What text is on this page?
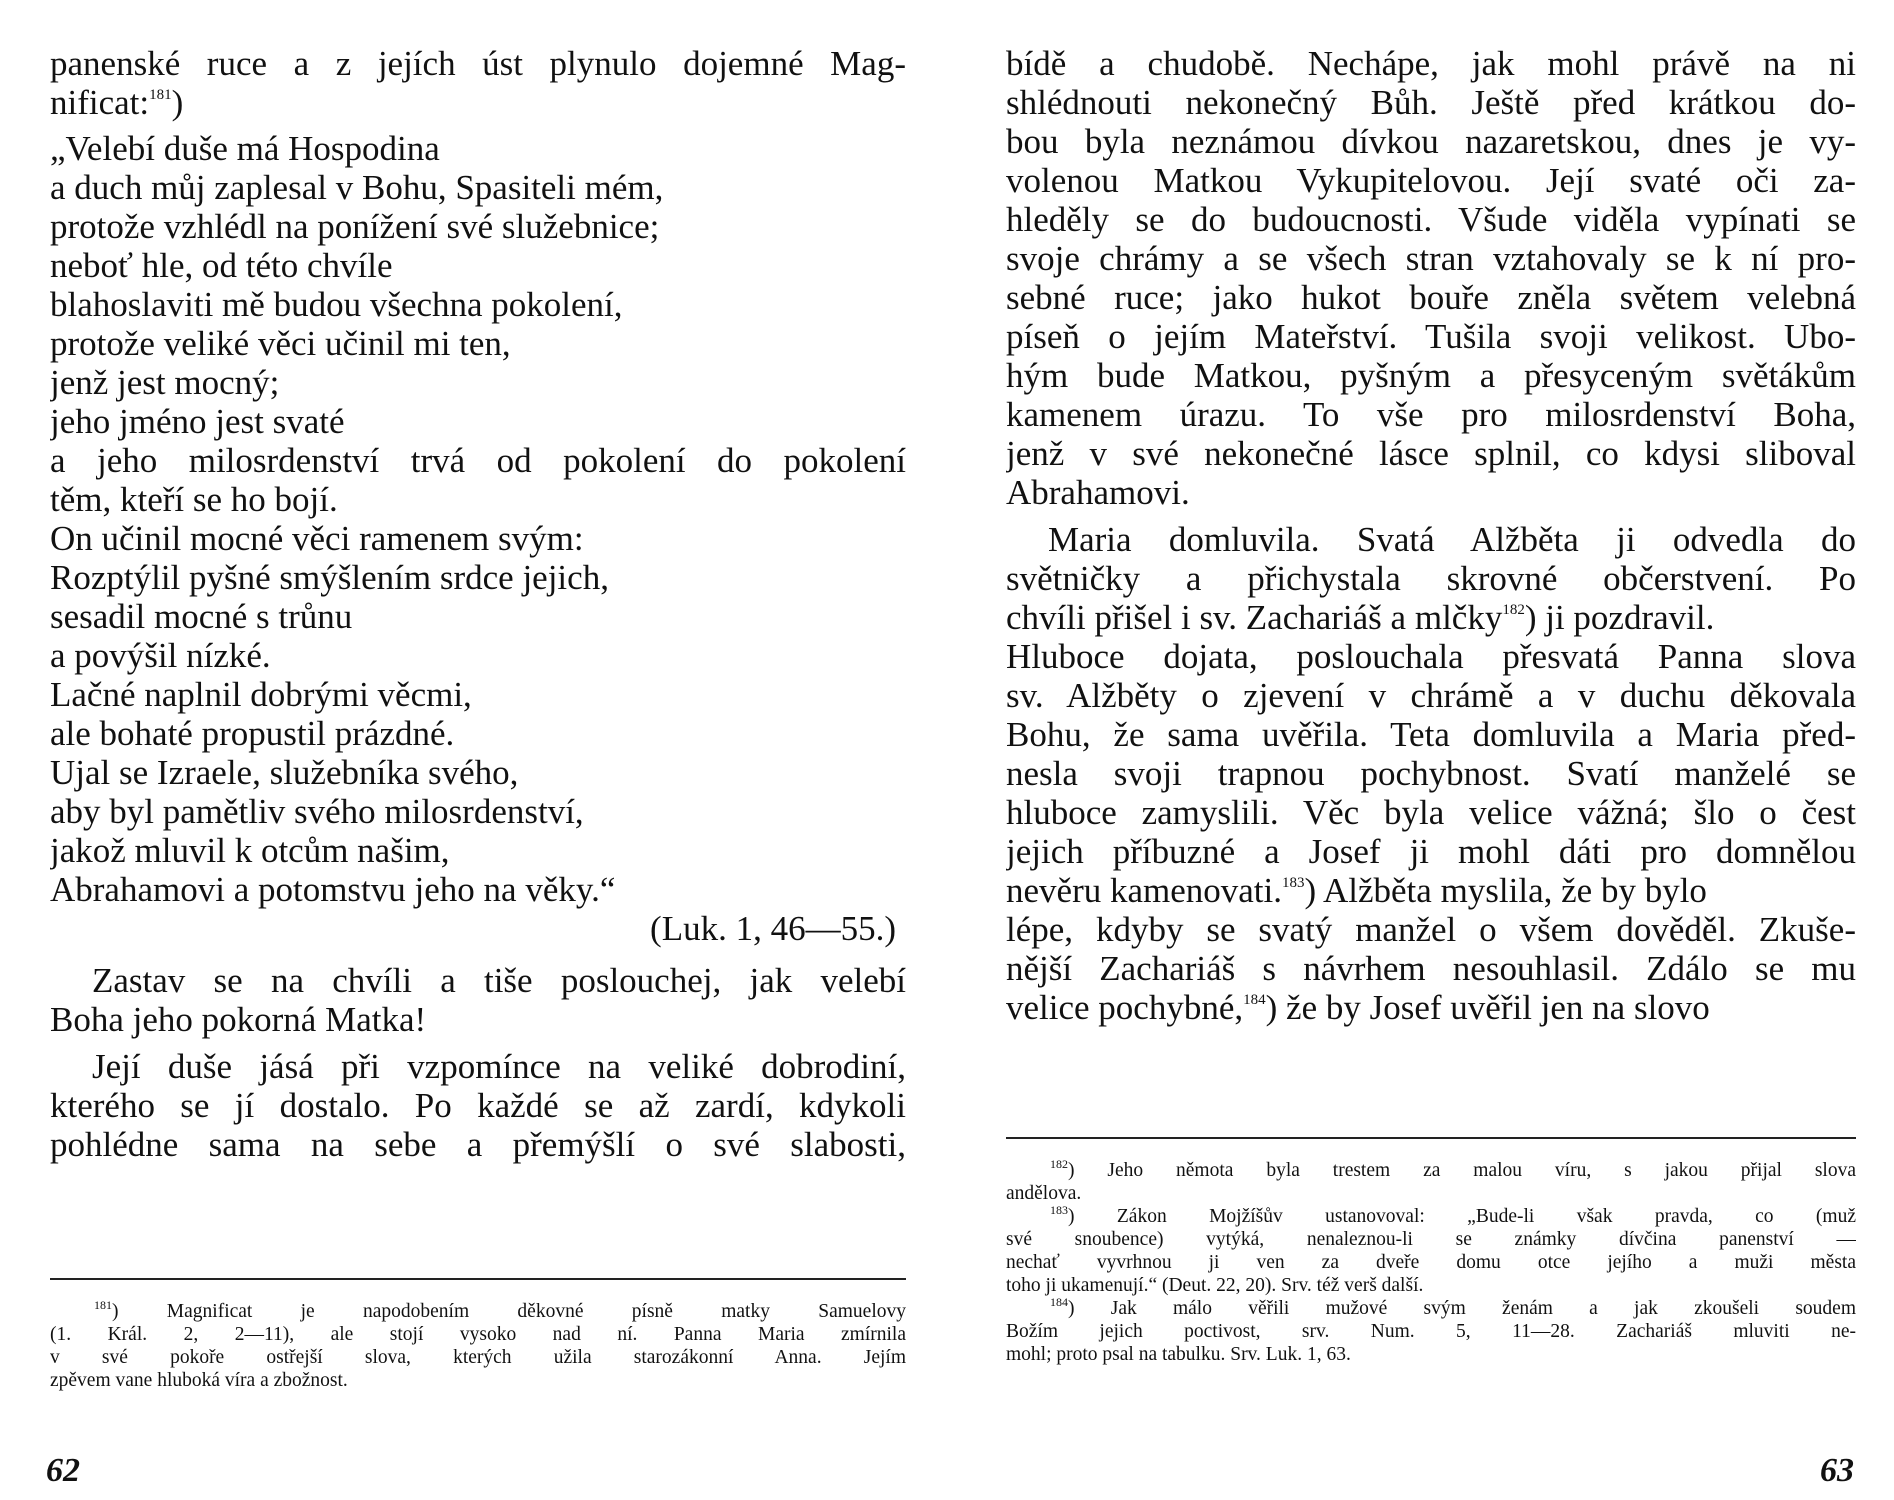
panenské ruce a z jejích úst plynulo dojemné Mag-
nificat:$^{181}$)
„Velebí duše má Hospodina
a duch můj zaplesal v Bohu, Spasiteli mém,
protože vzhlédl na ponížení své služebnice;
neboť hle, od této chvíle
blahoslaviti mě budou všechna pokolení,
protože veliké věci učinil mi ten,
jenž jest mocný;
jeho jméno jest svaté
a jeho milosrdenství trvá od pokolení do pokolení
těm, kteří se ho bojí.
On učinil mocné věci ramenem svým:
Rozptýlil pyšné smýšlením srdce jejich,
sesadil mocné s trůnu
a povýšil nízké.
Lačné naplnil dobrými věcmi,
ale bohaté propustil prázdné.
Ujal se Izraele, služebníka svého,
aby byl pamětliv svého milosrdenství,
jakož mluvil k otcům našim,
Abrahamovi a potomstvu jeho na věky.“
(Luk. 1, 46—55.)
Zastav se na chvíli a tiše poslouchej, jak velebí
Boha jeho pokorná Matka!
Její duše jásá při vzpomínce na veliké dobrodiní,
kterého se jí dostalo. Po každé se až zardí, kdykoli
pohlédne sama na sebe a přemýšlí o své slabosti,
$^{181}$) Magnificat je napodobením děkovné písně matky Samuelovy
(1. Král. 2, 2—11), ale stojí vysoko nad ní. Panna Maria zmírnila
v své pokoře ostřejší slova, kterých užila starozákonní Anna. Jejím
zpěvem vane hluboká víra a zbožnost.
62
bídě a chudobě. Nechápe, jak mohl právě na ni
shlédnouti nekonečný Bůh. Ještě před krátkou do-
bou byla neznámou dívkou nazaretskou, dnes je vy-
volenou Matkou Vykupitelovou. Její svaté oči za-
hleděly se do budoucnosti. Všude viděla vypínati se
svoje chrámy a se všech stran vztahovaly se k ní pro-
sebné ruce; jako hukot bouře zněla světem velebná
píseň o jejím Mateřství. Tušila svoji velikost. Ubo-
hým bude Matkou, pyšným a přesyceným světákům
kamenem úrazu. To vše pro milosrdenství Boha,
jenž v své nekonečné lásce splnil, co kdysi sliboval
Abrahamovi.
Maria domluvila. Svatá Alžběta ji odvedla do
světničky a přichystala skrovné občerstvení. Po
chvíli přišel i sv. Zachariáš a mlčky$^{182}$) ji pozdravil.
Hluboce dojata, poslouchala přesvatá Panna slova
sv. Alžběty o zjevení v chrámě a v duchu děkovala
Bohu, že sama uvěřila. Teta domluvila a Maria před-
nesla svoji trapnou pochybnost. Svatí manželé se
hluboce zamyslili. Věc byla velice vážná; šlo o čest
jejich příbuzné a Josef ji mohl dáti pro domnělou
nevěru kamenovati.$^{183}$) Alžběta myslila, že by bylo
lépe, kdyby se svatý manžel o všem dověděl. Zkuše-
nější Zachariáš s návrhem nesouhlasil. Zdálo se mu
velice pochybné,$^{184}$) že by Josef uvěřil jen na slovo
$^{182}$) Jeho němota byla trestem za malou víru, s jakou přijal slova
andělova.
$^{183}$) Zákon Mojžíšův ustanovoval: „Bude-li však pravda, co (muž
své snoubence) vytýká, nenaleznou-li se známky dívčina panenství —
nechať vyvrhnou ji ven za dveře domu otce jejího a muži města
toho ji ukamenují.“ (Deut. 22, 20). Srv. též verš další.
$^{184}$) Jak málo věřili mužové svým ženám a jak zkoušeli soudem
Božím jejich poctivost, srv. Num. 5, 11—28. Zachariáš mluviti ne-
mohl; proto psal na tabulku. Srv. Luk. 1, 63.
63
